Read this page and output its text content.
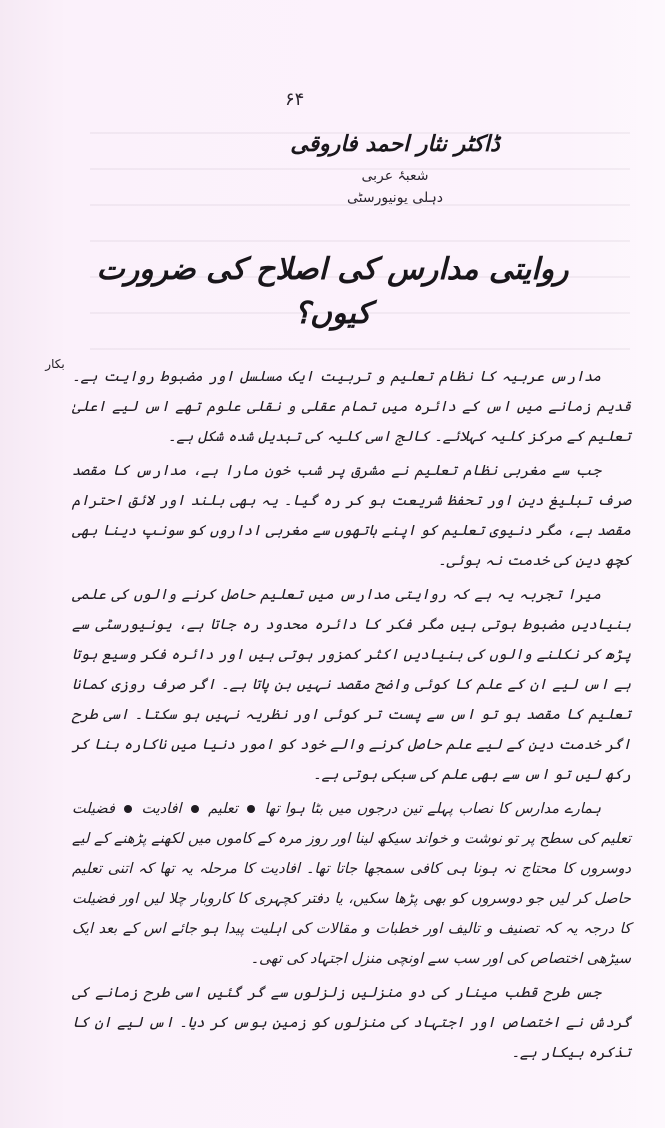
۶۴
ڈاکٹر نثار احمد فاروقی
شعبۂ عربی
دہلی یونیورسٹی
روایتی مدارس کی اصلاح کی ضرورت کیوں؟

مدارس عربیہ کا نظام تعلیم و تربیت ایک مسلسل اور مضبوط روایت ہے۔ قدیم زمانے میں اس کے دائرہ میں تمام عقلی و نقلی علوم تھے اس لیے اعلیٰ تعلیم کے مرکز کلیہ کہلائے۔ کالج اسی کلیہ کی تبدیل شدہ شکل ہے۔

جب سے مغربی نظام تعلیم نے مشرق پر شب خون مارا ہے، مدارس کا مقصد صرف تبلیغ دین اور تحفظ شریعت ہو کر رہ گیا۔ یہ بھی بلند اور لائق احترام مقصد ہے، مگر دنیوی تعلیم کو اپنے ہاتھوں سے مغربی اداروں کو سونپ دینا بھی کچھ دین کی خدمت نہ ہوئی۔

میرا تجربہ یہ ہے کہ روایتی مدارس میں تعلیم حاصل کرنے والوں کی علمی بنیادیں مضبوط ہوتی ہیں مگر فکر کا دائرہ محدود رہ جاتا ہے، یونیورسٹی سے پڑھ کر نکلنے والوں کی بنیادیں اکثر کمزور ہوتی ہیں اور دائرہ فکر وسیع ہوتا ہے اس لیے ان کے علم کا کوئی واضح مقصد نہیں بن پاتا ہے۔ اگر صرف روزی کمانا تعلیم کا مقصد ہو تو اس سے پست تر کوئی اور نظریہ نہیں ہو سکتا۔ اسی طرح اگر خدمت دین کے لیے علم حاصل کرنے والے خود کو امور دنیا میں ناکارہ بنا کر رکھ لیں تو اس سے بھی علم کی سبکی ہوتی ہے۔

ہمارے مدارس کا نصاب پہلے تین درجوں میں بٹا ہوا تھا  تعلیم  افادیت  فضیلت تعلیم کی سطح پر تو نوشت و خواند سیکھ لینا اور روز مرہ کے کاموں میں لکھنے پڑھنے کے لیے دوسروں کا محتاج نہ ہونا ہی کافی سمجھا جاتا تھا۔ افادیت کا مرحلہ یہ تھا کہ اتنی تعلیم حاصل کر لیں جو دوسروں کو بھی پڑھا سکیں، یا دفتر کچہری کا کاروبار چلا لیں اور فضیلت کا درجہ یہ کہ تصنیف و تالیف اور خطبات و مقالات کی اہلیت پیدا ہو جائے اس کے بعد ایک سیڑھی اختصاص کی اور سب سے اونچی منزل اجتہاد کی تھی۔

جس طرح قطب مینار کی دو منزلیں زلزلوں سے گر گئیں اسی طرح زمانے کی گردش نے اختصاص اور اجتہاد کی منزلوں کو زمین بوس کر دیا۔ اس لیے ان کا تذکرہ بیکار ہے۔

بکار
